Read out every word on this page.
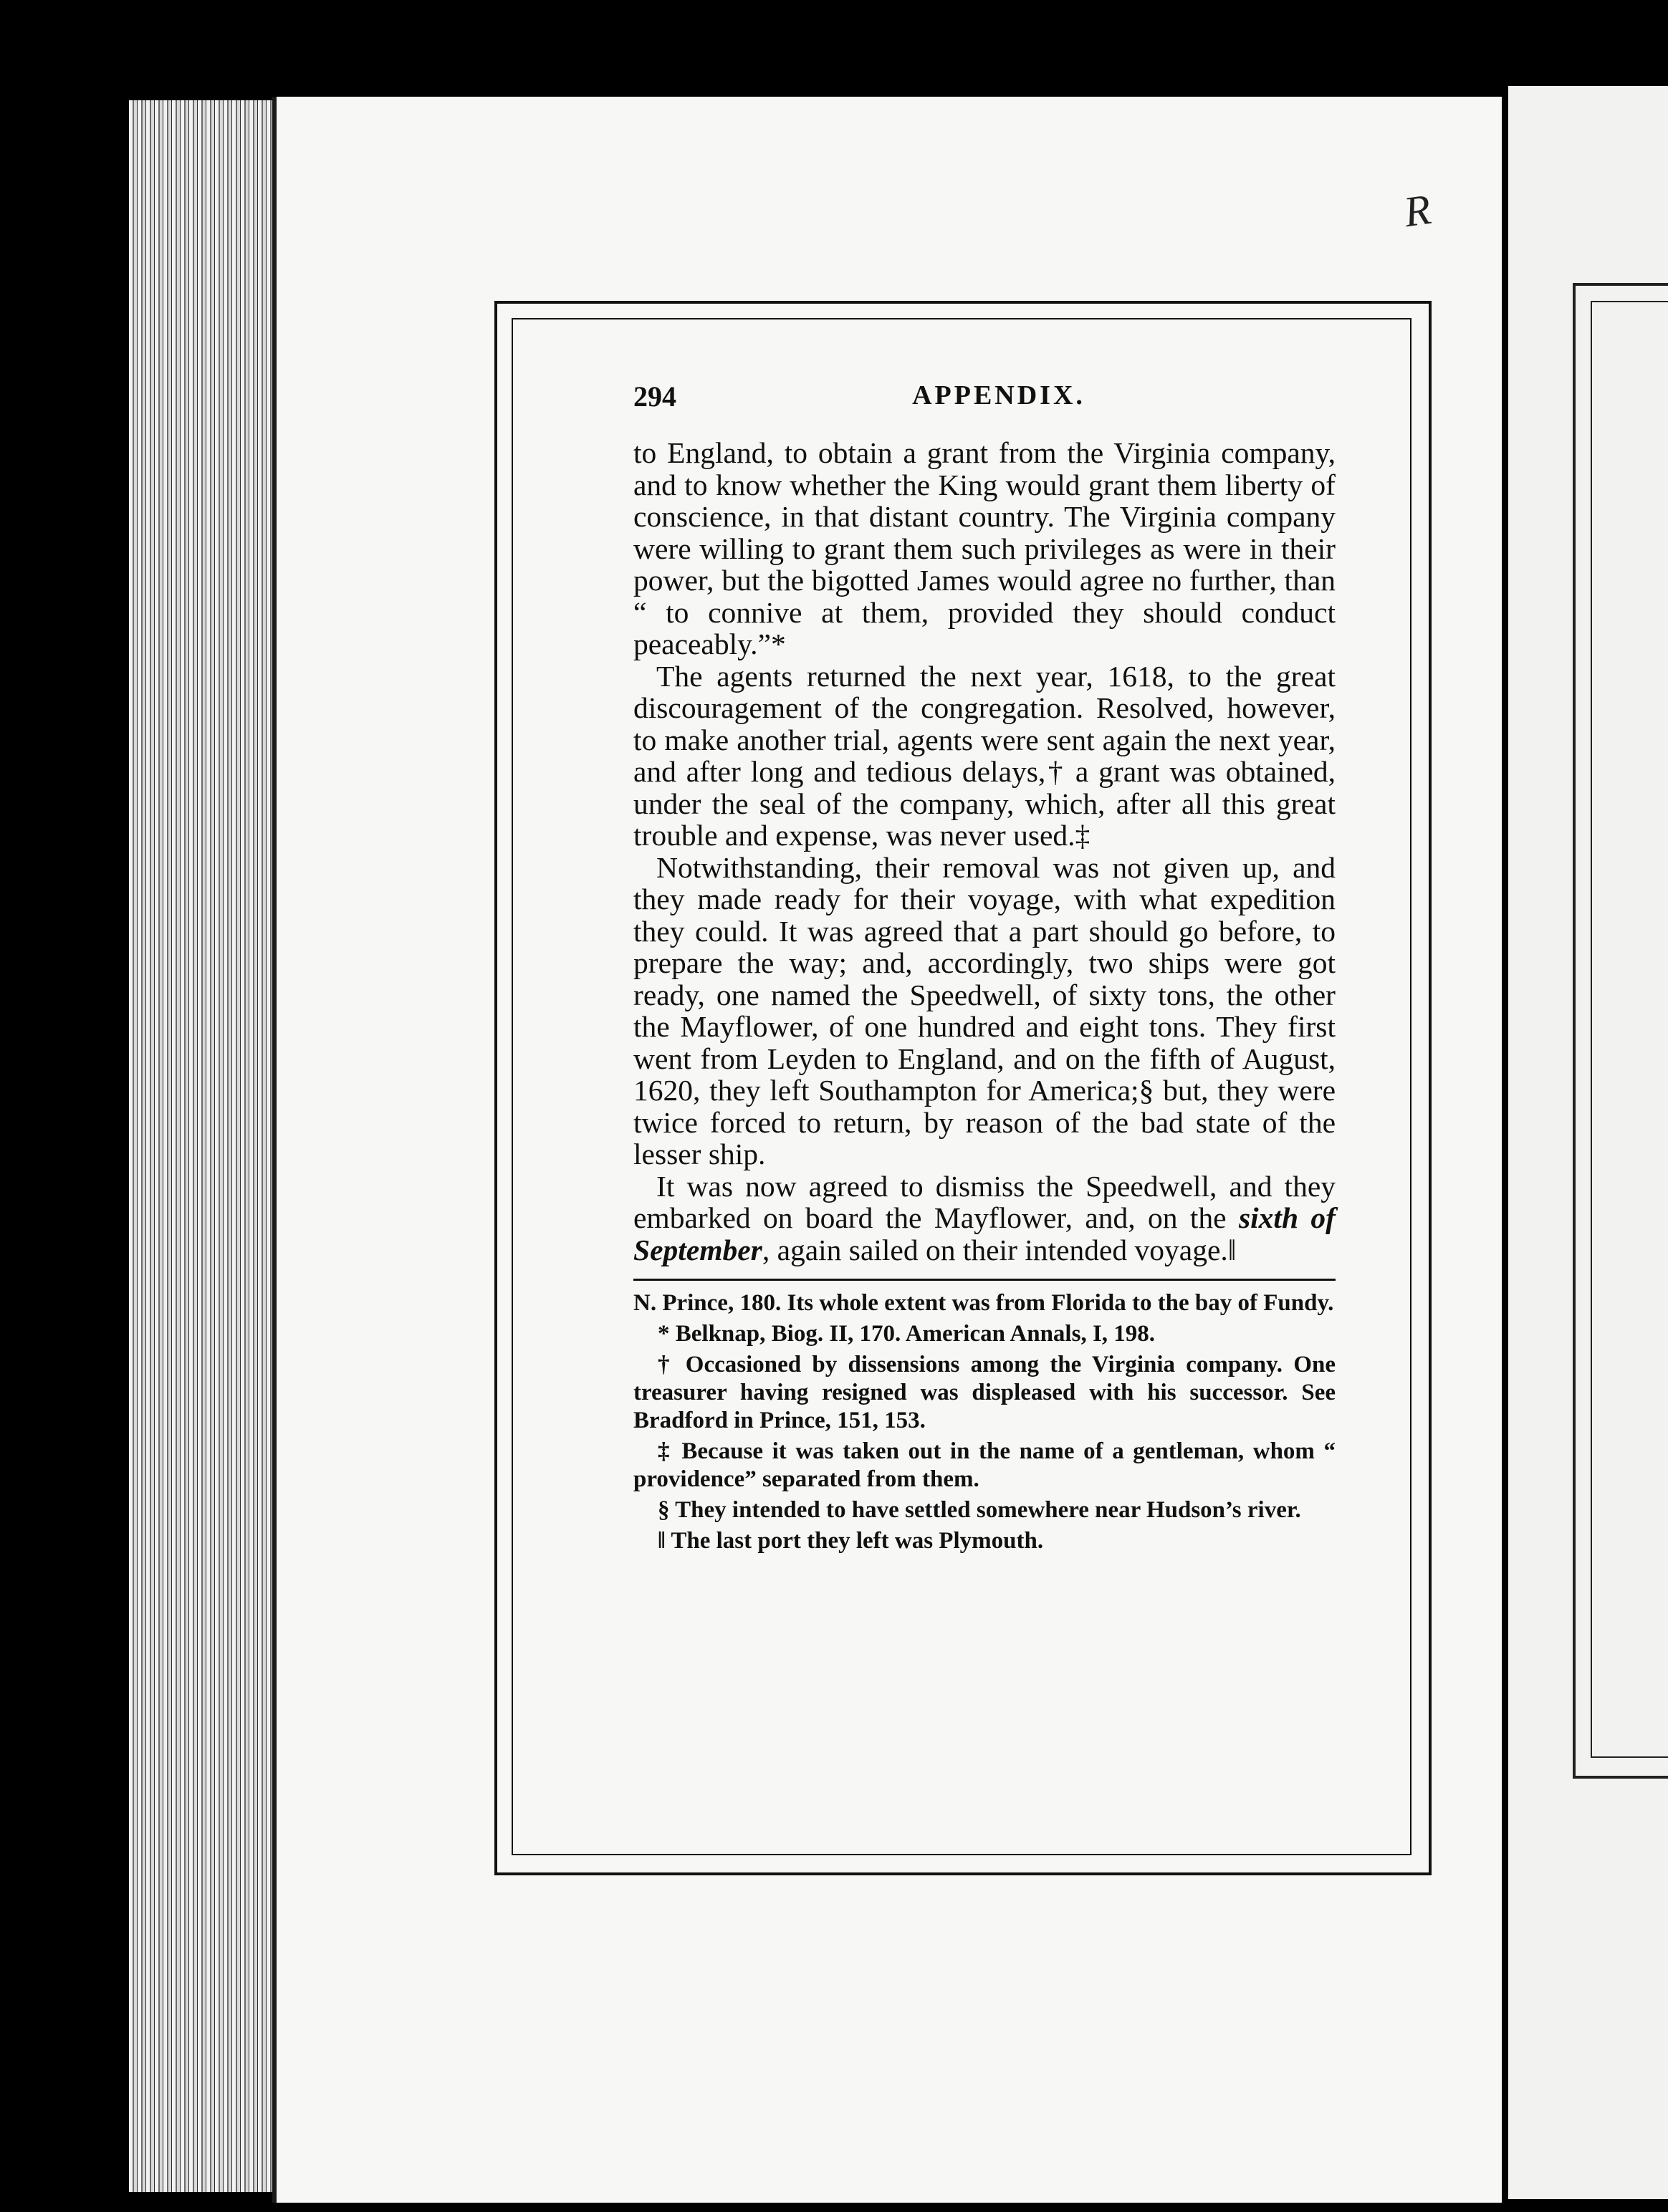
R
294	APPENDIX.

to England, to obtain a grant from the Virginia company, and to know whether the King would grant them liberty of conscience, in that distant country. The Virginia company were willing to grant them such privileges as were in their power, but the bigotted James would agree no further, than “ to connive at them, provided they should conduct peaceably.”*

The agents returned the next year, 1618, to the great discouragement of the congregation. Resolved, however, to make another trial, agents were sent again the next year, and after long and tedious delays,† a grant was obtained, under the seal of the company, which, after all this great trouble and expense, was never used.‡

Notwithstanding, their removal was not given up, and they made ready for their voyage, with what expedition they could. It was agreed that a part should go before, to prepare the way; and, accordingly, two ships were got ready, one named the Speedwell, of sixty tons, the other the Mayflower, of one hundred and eight tons. They first went from Leyden to England, and on the fifth of August, 1620, they left Southampton for America;§ but, they were twice forced to return, by reason of the bad state of the lesser ship.

It was now agreed to dismiss the Speedwell, and they embarked on board the Mayflower, and, on the sixth of September, again sailed on their intended voyage.‖

N. Prince, 180. Its whole extent was from Florida to the bay of Fundy.

* Belknap, Biog. II, 170. American Annals, I, 198.

† Occasioned by dissensions among the Virginia company. One treasurer having resigned was displeased with his successor. See Bradford in Prince, 151, 153.

‡ Because it was taken out in the name of a gentleman, whom “ providence” separated from them.

§ They intended to have settled somewhere near Hudson’s river.

‖ The last port they left was Plymouth.
